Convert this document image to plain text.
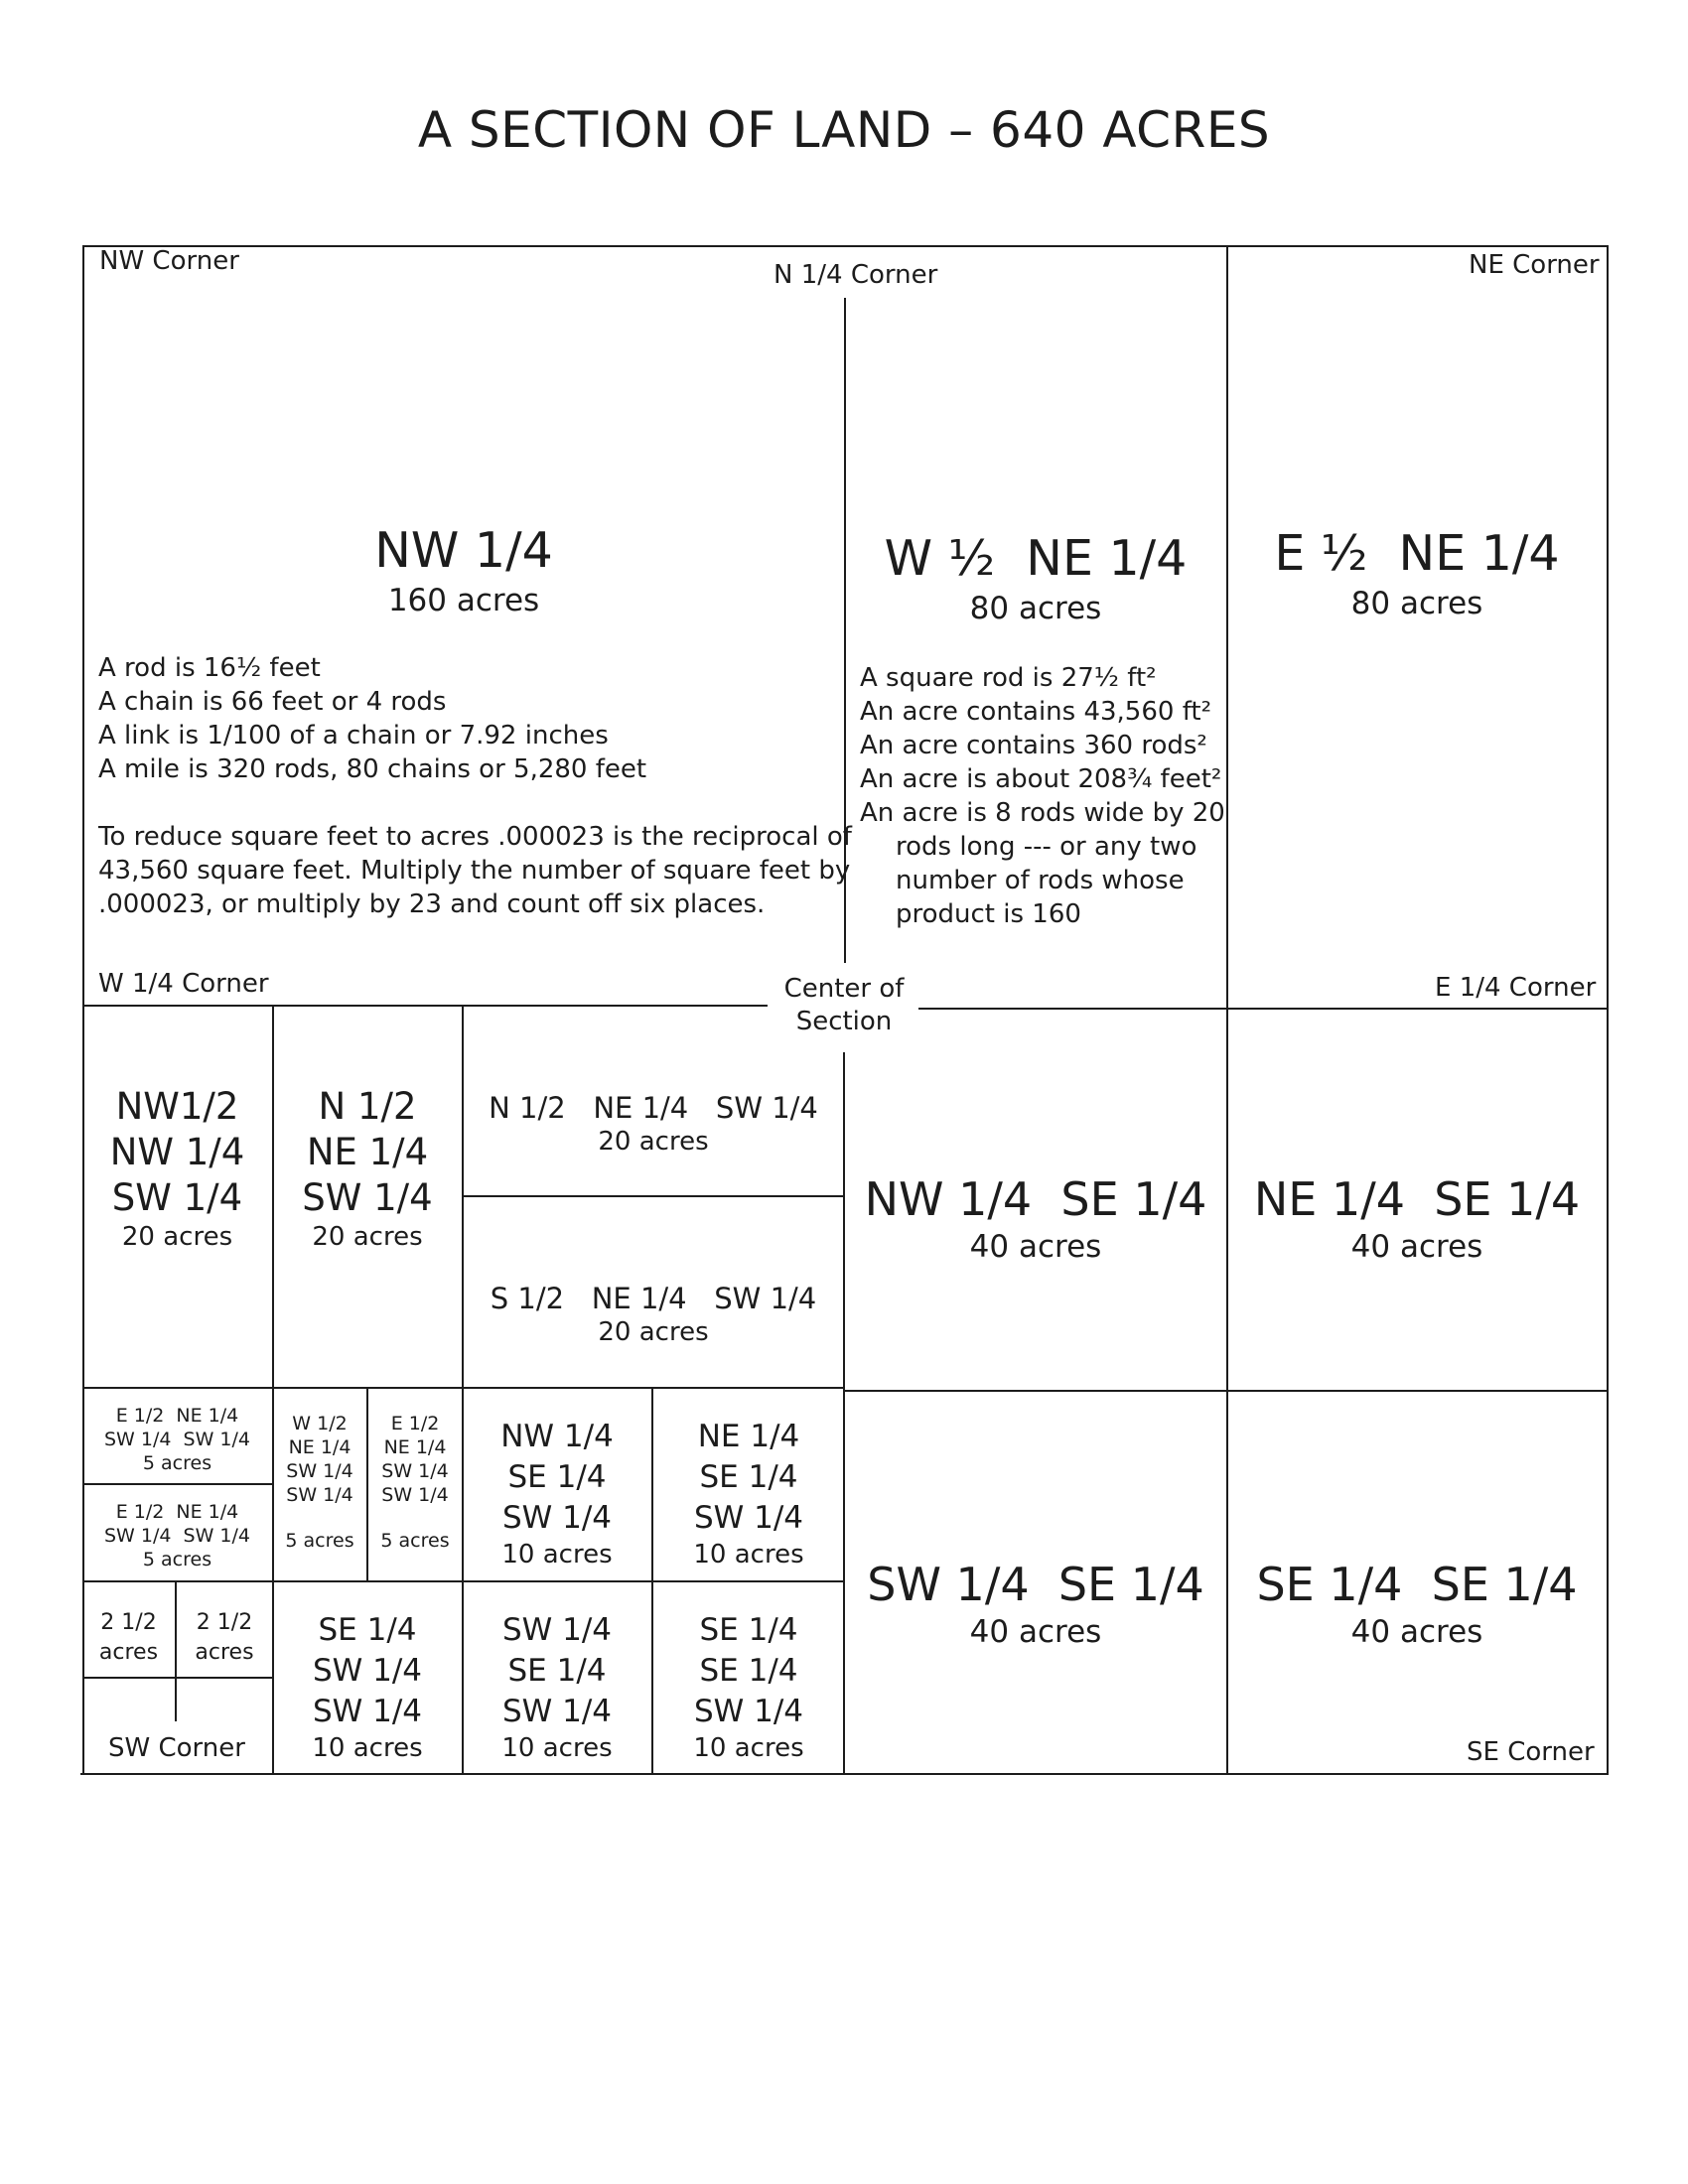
A SECTION OF LAND – 640 ACRES
NW Corner	N 1/4 Corner	NE Corner
W 1/4 Corner	Center of
Section
E 1/4 Corner
SW Corner	SE Corner
NW 1/4
160 acres
A rod is 16½ feet
A chain is 66 feet or 4 rods
A link is 1/100 of a chain or 7.92 inches
A mile is 320 rods, 80 chains or 5,280 feet
To reduce square feet to acres .000023 is the reciprocal of
43,560 square feet. Multiply the number of square feet by
.000023, or multiply by 23 and count off six places.
W ½  NE 1/4
80 acres
A square rod is 27½ ft²
An acre contains 43,560 ft²
An acre contains 360 rods²
An acre is about 208¾ feet²
An acre is 8 rods wide by 20
rods long --- or any two
number of rods whose
product is 160
E ½  NE 1/4
80 acres
NW1/2
NW 1/4
SW 1/4
20 acres
N 1/2
NE 1/4
SW 1/4
20 acres
N 1/2   NE 1/4   SW 1/4
20 acres
S 1/2   NE 1/4   SW 1/4
20 acres
NW 1/4  SE 1/4
40 acres
NE 1/4  SE 1/4
40 acres
SW 1/4  SE 1/4
40 acres
SE 1/4  SE 1/4
40 acres
E 1/2  NE 1/4
SW 1/4  SW 1/4
5 acres
E 1/2  NE 1/4
SW 1/4  SW 1/4
5 acres
W 1/2
NE 1/4
SW 1/4
SW 1/4
5 acres
E 1/2
NE 1/4
SW 1/4
SW 1/4
5 acres
NW 1/4
SE 1/4
SW 1/4
10 acres
NE 1/4
SE 1/4
SW 1/4
10 acres
2 1/2
acres
2 1/2
acres
SE 1/4
SW 1/4
SW 1/4
10 acres
SW 1/4
SE 1/4
SW 1/4
10 acres
SE 1/4
SE 1/4
SW 1/4
10 acres
